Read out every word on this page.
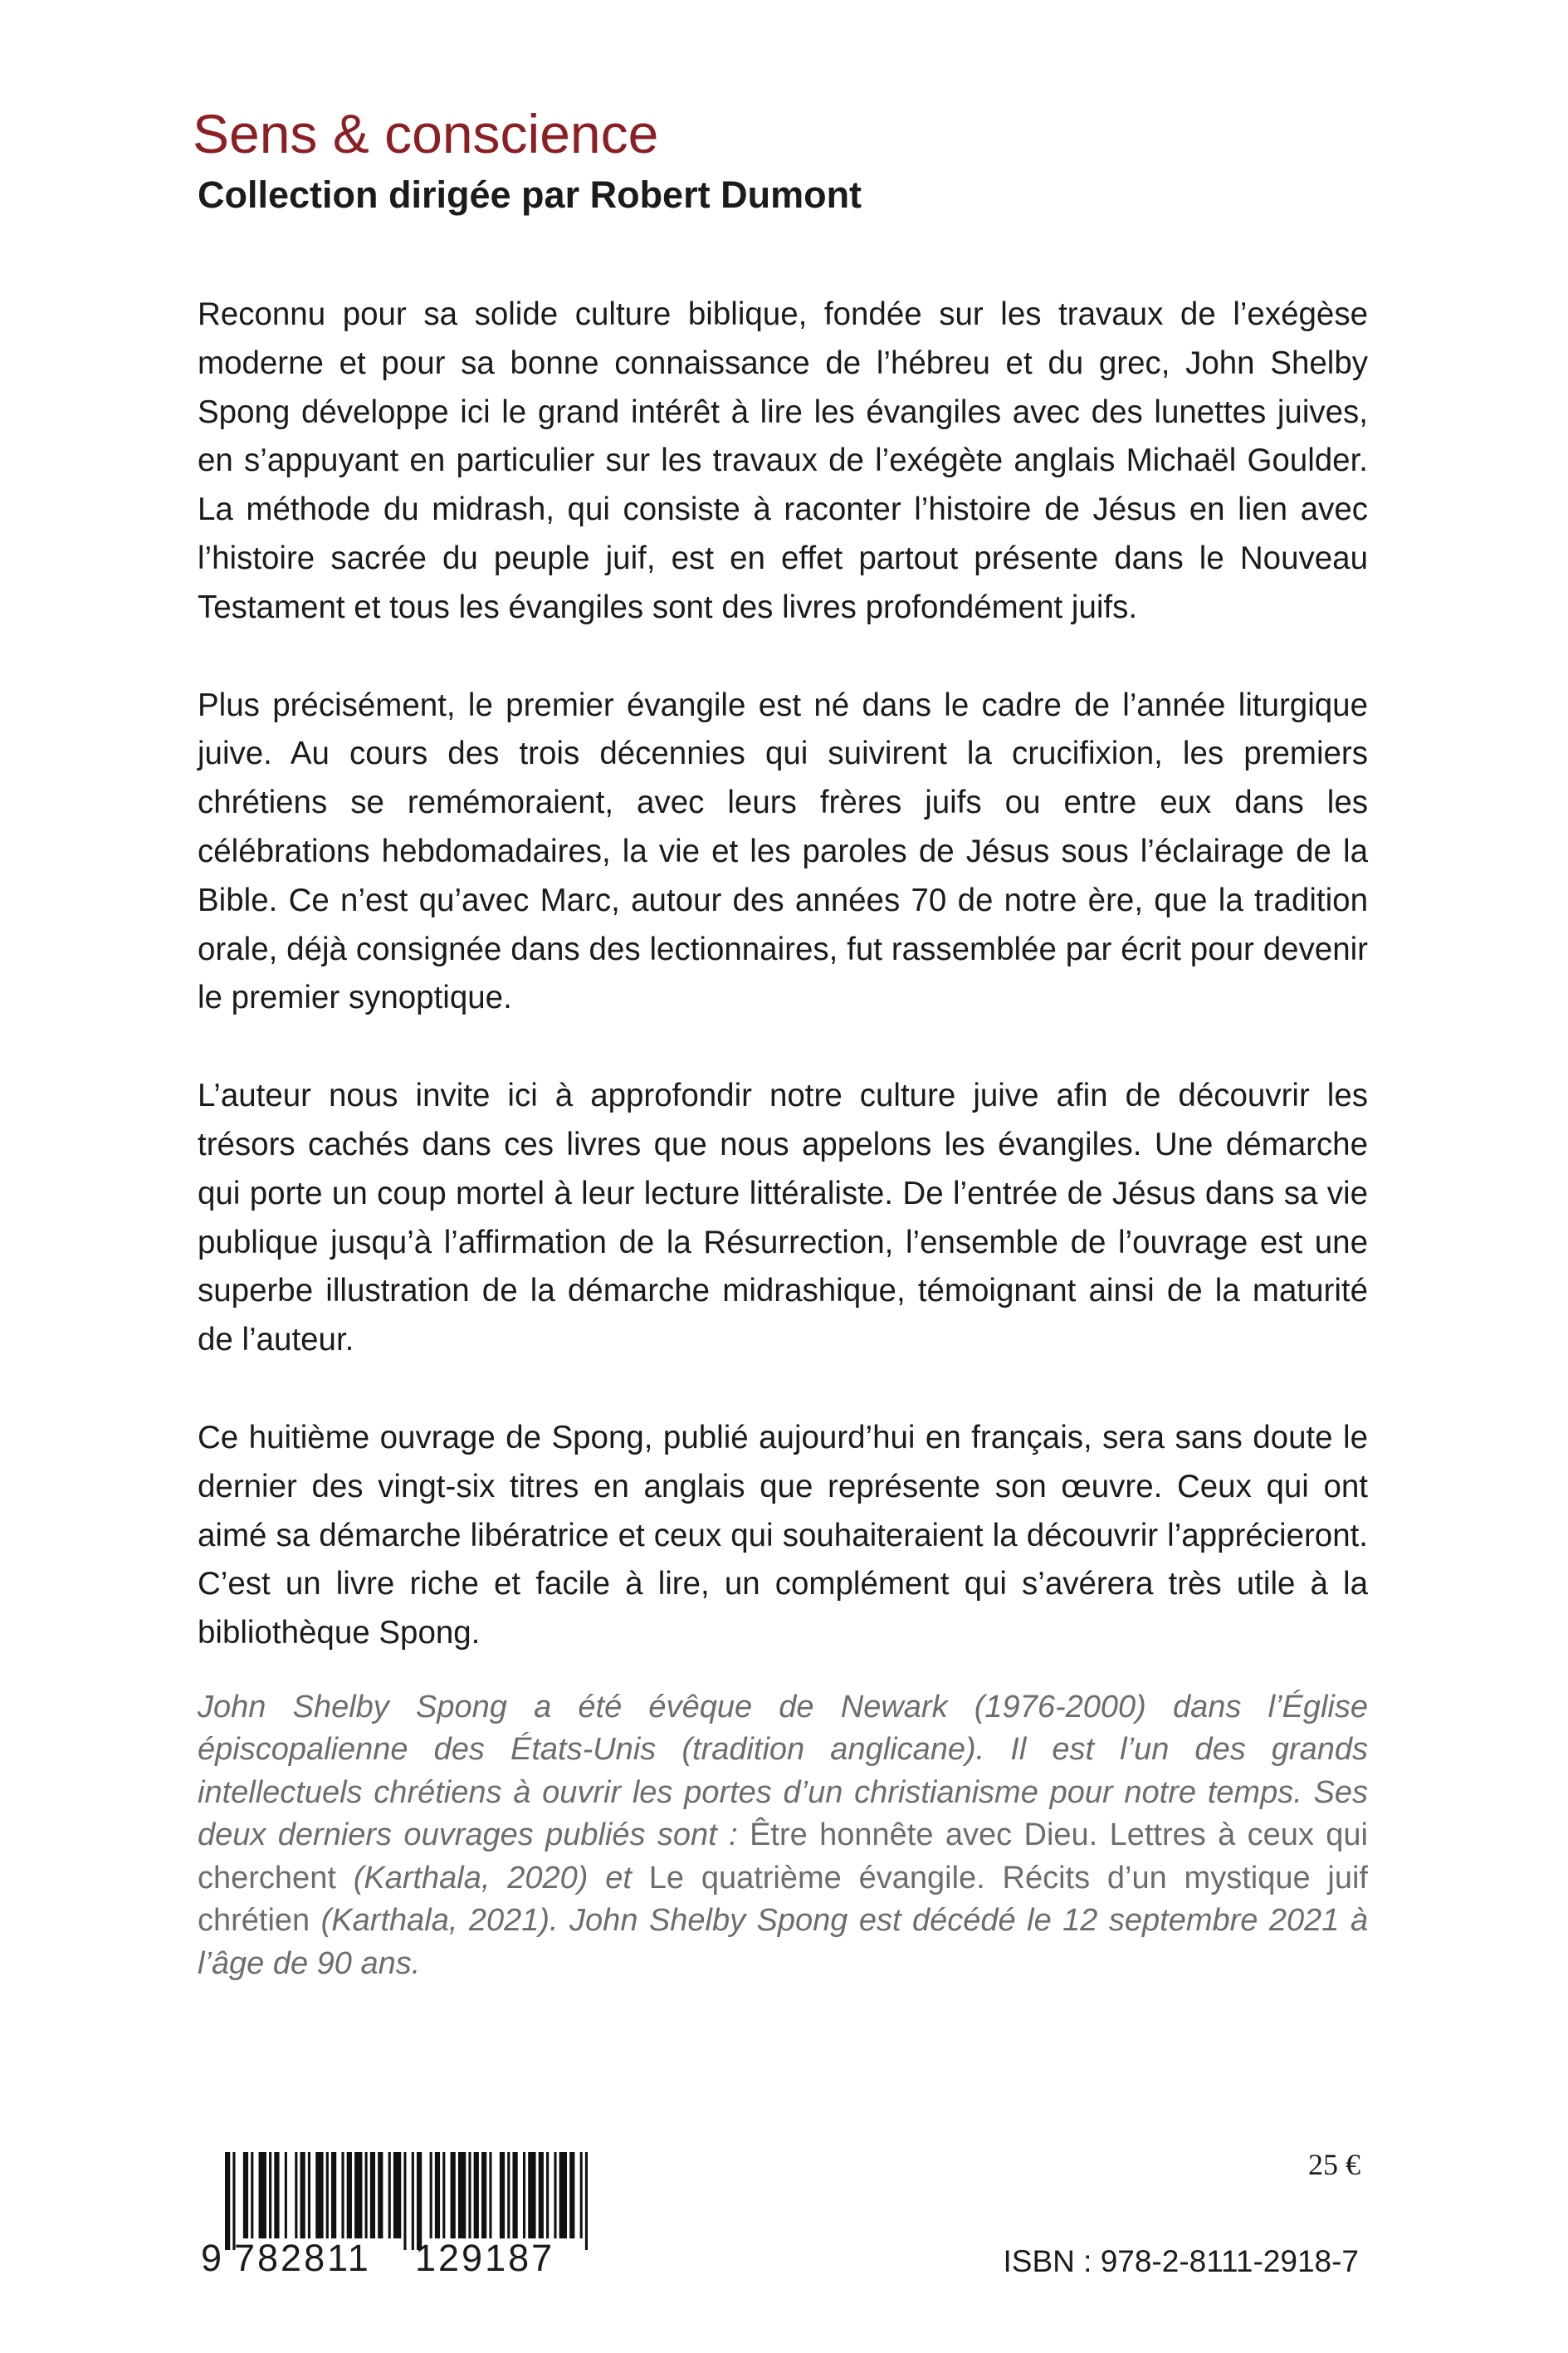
Sens & conscience
Collection dirigée par Robert Dumont

Reconnu pour sa solide culture biblique, fondée sur les travaux de l’exégèse moderne et pour sa bonne connaissance de l’hébreu et du grec, John Shelby Spong développe ici le grand intérêt à lire les évangiles avec des lunettes juives, en s’appuyant en particulier sur les travaux de l’exégète anglais Michaël Goulder. La méthode du midrash, qui consiste à raconter l’histoire de Jésus en lien avec l’histoire sacrée du peuple juif, est en effet partout présente dans le Nouveau Testament et tous les évangiles sont des livres profondément juifs.

Plus précisément, le premier évangile est né dans le cadre de l’année liturgique juive. Au cours des trois décennies qui suivirent la crucifixion, les premiers chrétiens se remémoraient, avec leurs frères juifs ou entre eux dans les célébrations hebdomadaires, la vie et les paroles de Jésus sous l’éclairage de la Bible. Ce n’est qu’avec Marc, autour des années 70 de notre ère, que la tradition orale, déjà consignée dans des lectionnaires, fut rassemblée par écrit pour devenir le premier synoptique.

L’auteur nous invite ici à approfondir notre culture juive afin de découvrir les trésors cachés dans ces livres que nous appelons les évangiles. Une démarche qui porte un coup mortel à leur lecture littéraliste. De l’entrée de Jésus dans sa vie publique jusqu’à l’affirmation de la Résurrection, l’ensemble de l’ouvrage est une superbe illustration de la démarche midrashique, témoignant ainsi de la maturité de l’auteur.

Ce huitième ouvrage de Spong, publié aujourd’hui en français, sera sans doute le dernier des vingt-six titres en anglais que représente son œuvre. Ceux qui ont aimé sa démarche libératrice et ceux qui souhaiteraient la découvrir l’apprécieront. C’est un livre riche et facile à lire, un complément qui s’avérera très utile à la bibliothèque Spong.

John Shelby Spong a été évêque de Newark (1976-2000) dans l’Église épiscopalienne des États-Unis (tradition anglicane). Il est l’un des grands intellectuels chrétiens à ouvrir les portes d’un christianisme pour notre temps. Ses deux derniers ouvrages publiés sont : Être honnête avec Dieu. Lettres à ceux qui cherchent (Karthala, 2020) et Le quatrième évangile. Récits d’un mystique juif chrétien (Karthala, 2021). John Shelby Spong est décédé le 12 septembre 2021 à l’âge de 90 ans.

9 782811 129187
25 €
ISBN : 978-2-8111-2918-7
